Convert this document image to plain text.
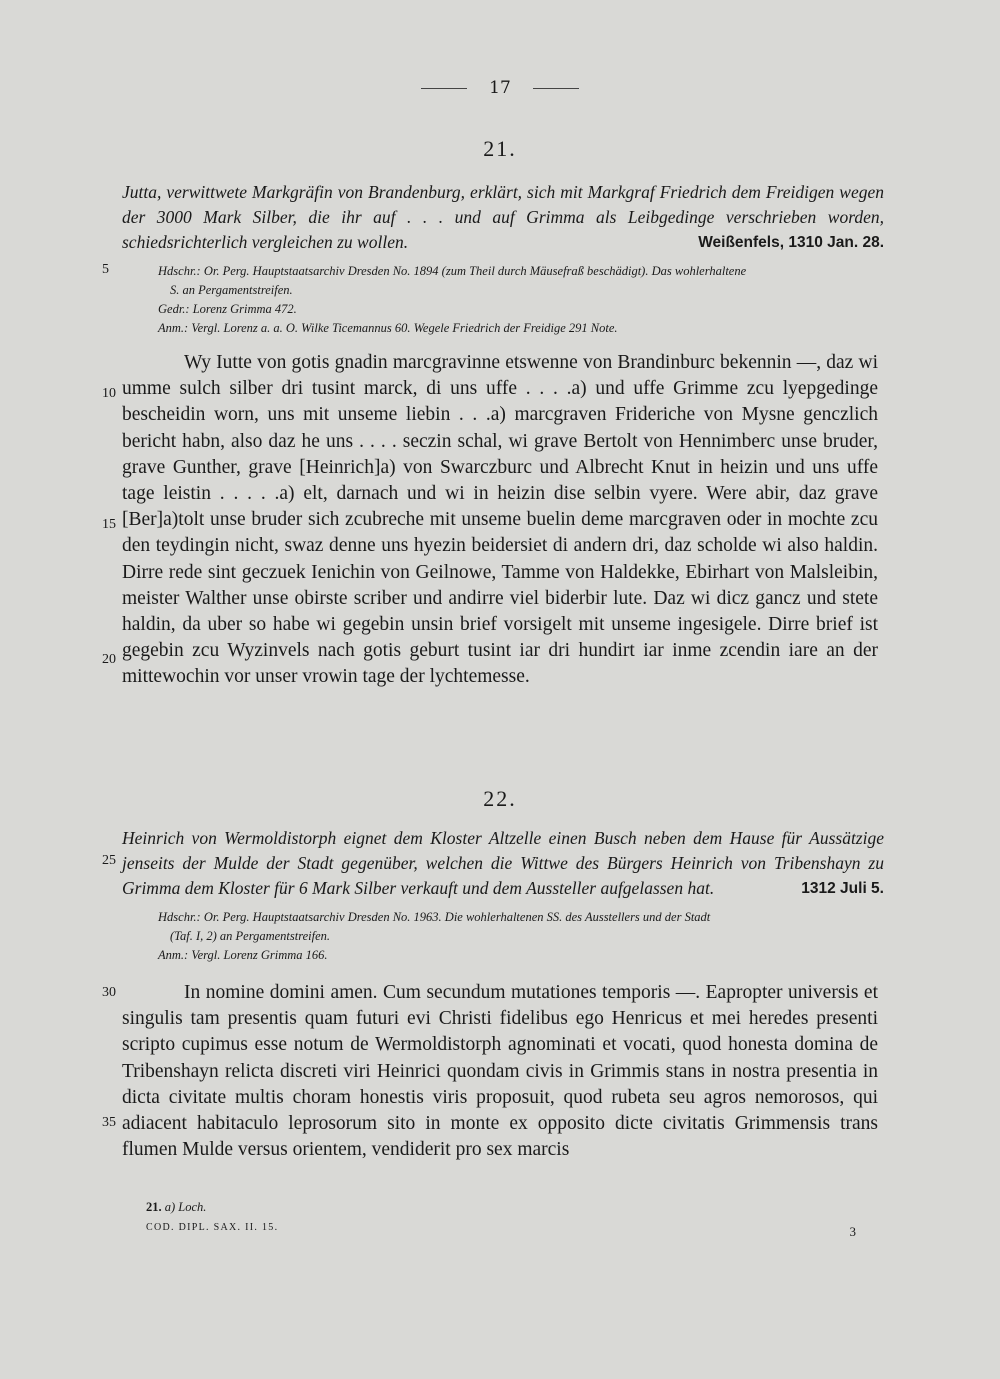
17
21.
Jutta, verwittwete Markgräfin von Brandenburg, erklärt, sich mit Markgraf Friedrich dem Freidigen wegen der 3000 Mark Silber, die ihr auf . . . und auf Grimma als Leibgedinge verschrieben worden, schiedsrichterlich vergleichen zu wollen.	Weißenfels, 1310 Jan. 28.
Hdschr.: Or. Perg. Hauptstaatsarchiv Dresden No. 1894 (zum Theil durch Mäusefraß beschädigt). Das wohlerhaltene
S. an Pergamentstreifen.
Gedr.: Lorenz Grimma 472.
Anm.: Vergl. Lorenz a. a. O. Wilke Ticemannus 60. Wegele Friedrich der Freidige 291 Note.

Wy Iutte von gotis gnadin marcgravinne etswenne von Brandinburc bekennin —, daz wi umme sulch silber dri tusint marck, di uns uffe . . . .a) und uffe Grimme zcu lyepgedinge bescheidin worn, uns mit unseme liebin . . .a) marcgraven Frideriche von Mysne genczlich bericht habn, also daz he uns . . . . seczin schal, wi grave Bertolt von Hennimberc unse bruder, grave Gunther, grave [Heinrich]a) von Swarczburc und Albrecht Knut in heizin und uns uffe tage leistin . . . . .a) elt, darnach und wi in heizin dise selbin vyere. Were abir, daz grave [Ber]a)tolt unse bruder sich zcubreche mit unseme buelin deme marcgraven oder in mochte zcu den teydingin nicht, swaz denne uns hyezin beidersiet di andern dri, daz scholde wi also haldin. Dirre rede sint geczuek Ienichin von Geilnowe, Tamme von Haldekke, Ebirhart von Malsleibin, meister Walther unse obirste scriber und andirre viel biderbir lute. Daz wi dicz gancz und stete haldin, da uber so habe wi gegebin unsin brief vorsigelt mit unseme ingesigele. Dirre brief ist gegebin zcu Wyzinvels nach gotis geburt tusint iar dri hundirt iar inme zcendin iare an der mittewochin vor unser vrowin tage der lychtemesse.

22.
Heinrich von Wermoldistorph eignet dem Kloster Altzelle einen Busch neben dem Hause für Aussätzige jenseits der Mulde der Stadt gegenüber, welchen die Wittwe des Bürgers Heinrich von Tribenshayn zu Grimma dem Kloster für 6 Mark Silber verkauft und dem Aussteller aufgelassen hat.	1312 Juli 5.
Hdschr.: Or. Perg. Hauptstaatsarchiv Dresden No. 1963. Die wohlerhaltenen SS. des Ausstellers und der Stadt
(Taf. I, 2) an Pergamentstreifen.
Anm.: Vergl. Lorenz Grimma 166.

In nomine domini amen. Cum secundum mutationes temporis —. Eapropter universis et singulis tam presentis quam futuri evi Christi fidelibus ego Henricus et mei heredes presenti scripto cupimus esse notum de Wermoldistorph agnominati et vocati, quod honesta domina de Tribenshayn relicta discreti viri Heinrici quondam civis in Grimmis stans in nostra presentia in dicta civitate multis choram honestis viris proposuit, quod rubeta seu agros nemorosos, qui adiacent habitaculo leprosorum sito in monte ex opposito dicte civitatis Grimmensis trans flumen Mulde versus orientem, vendiderit pro sex marcis

5
10
15
20
25
30
35
21. a) Loch.
COD. DIPL. SAX. II. 15.	3
